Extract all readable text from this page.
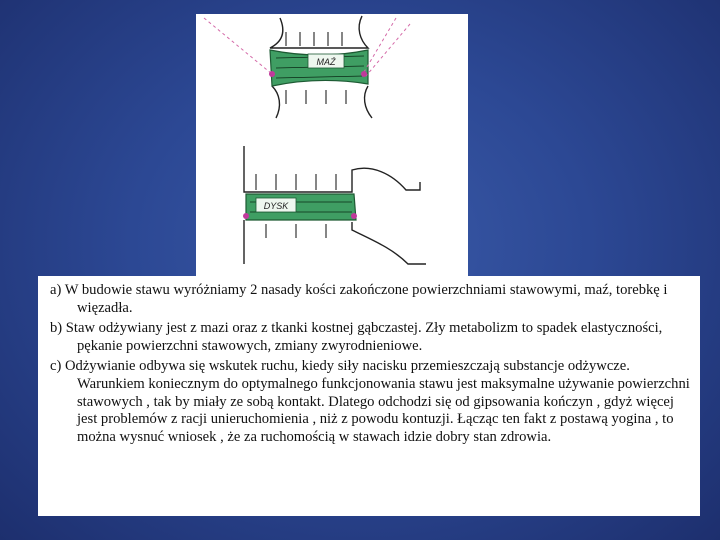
MAŹ
DYSK

a) W budowie stawu wyróżniamy 2 nasady kości zakończone powierzchniami stawowymi, maź, torebkę i więzadła.

b) Staw odżywiany jest z mazi oraz z tkanki kostnej gąbczastej. Zły metabolizm to spadek elastyczności, pękanie powierzchni stawowych, zmiany zwyrodnieniowe.

c) Odżywianie odbywa się wskutek ruchu, kiedy siły nacisku przemieszczają substancje odżywcze. Warunkiem koniecznym do optymalnego funkcjonowania stawu jest maksymalne używanie powierzchni stawowych , tak by miały ze sobą kontakt. Dlatego odchodzi się od gipsowania kończyn , gdyż więcej jest problemów z racji unieruchomienia , niż z powodu kontuzji. Łącząc ten fakt z postawą yogina , to można wysnuć wniosek , że za ruchomością w stawach idzie dobry stan zdrowia.
